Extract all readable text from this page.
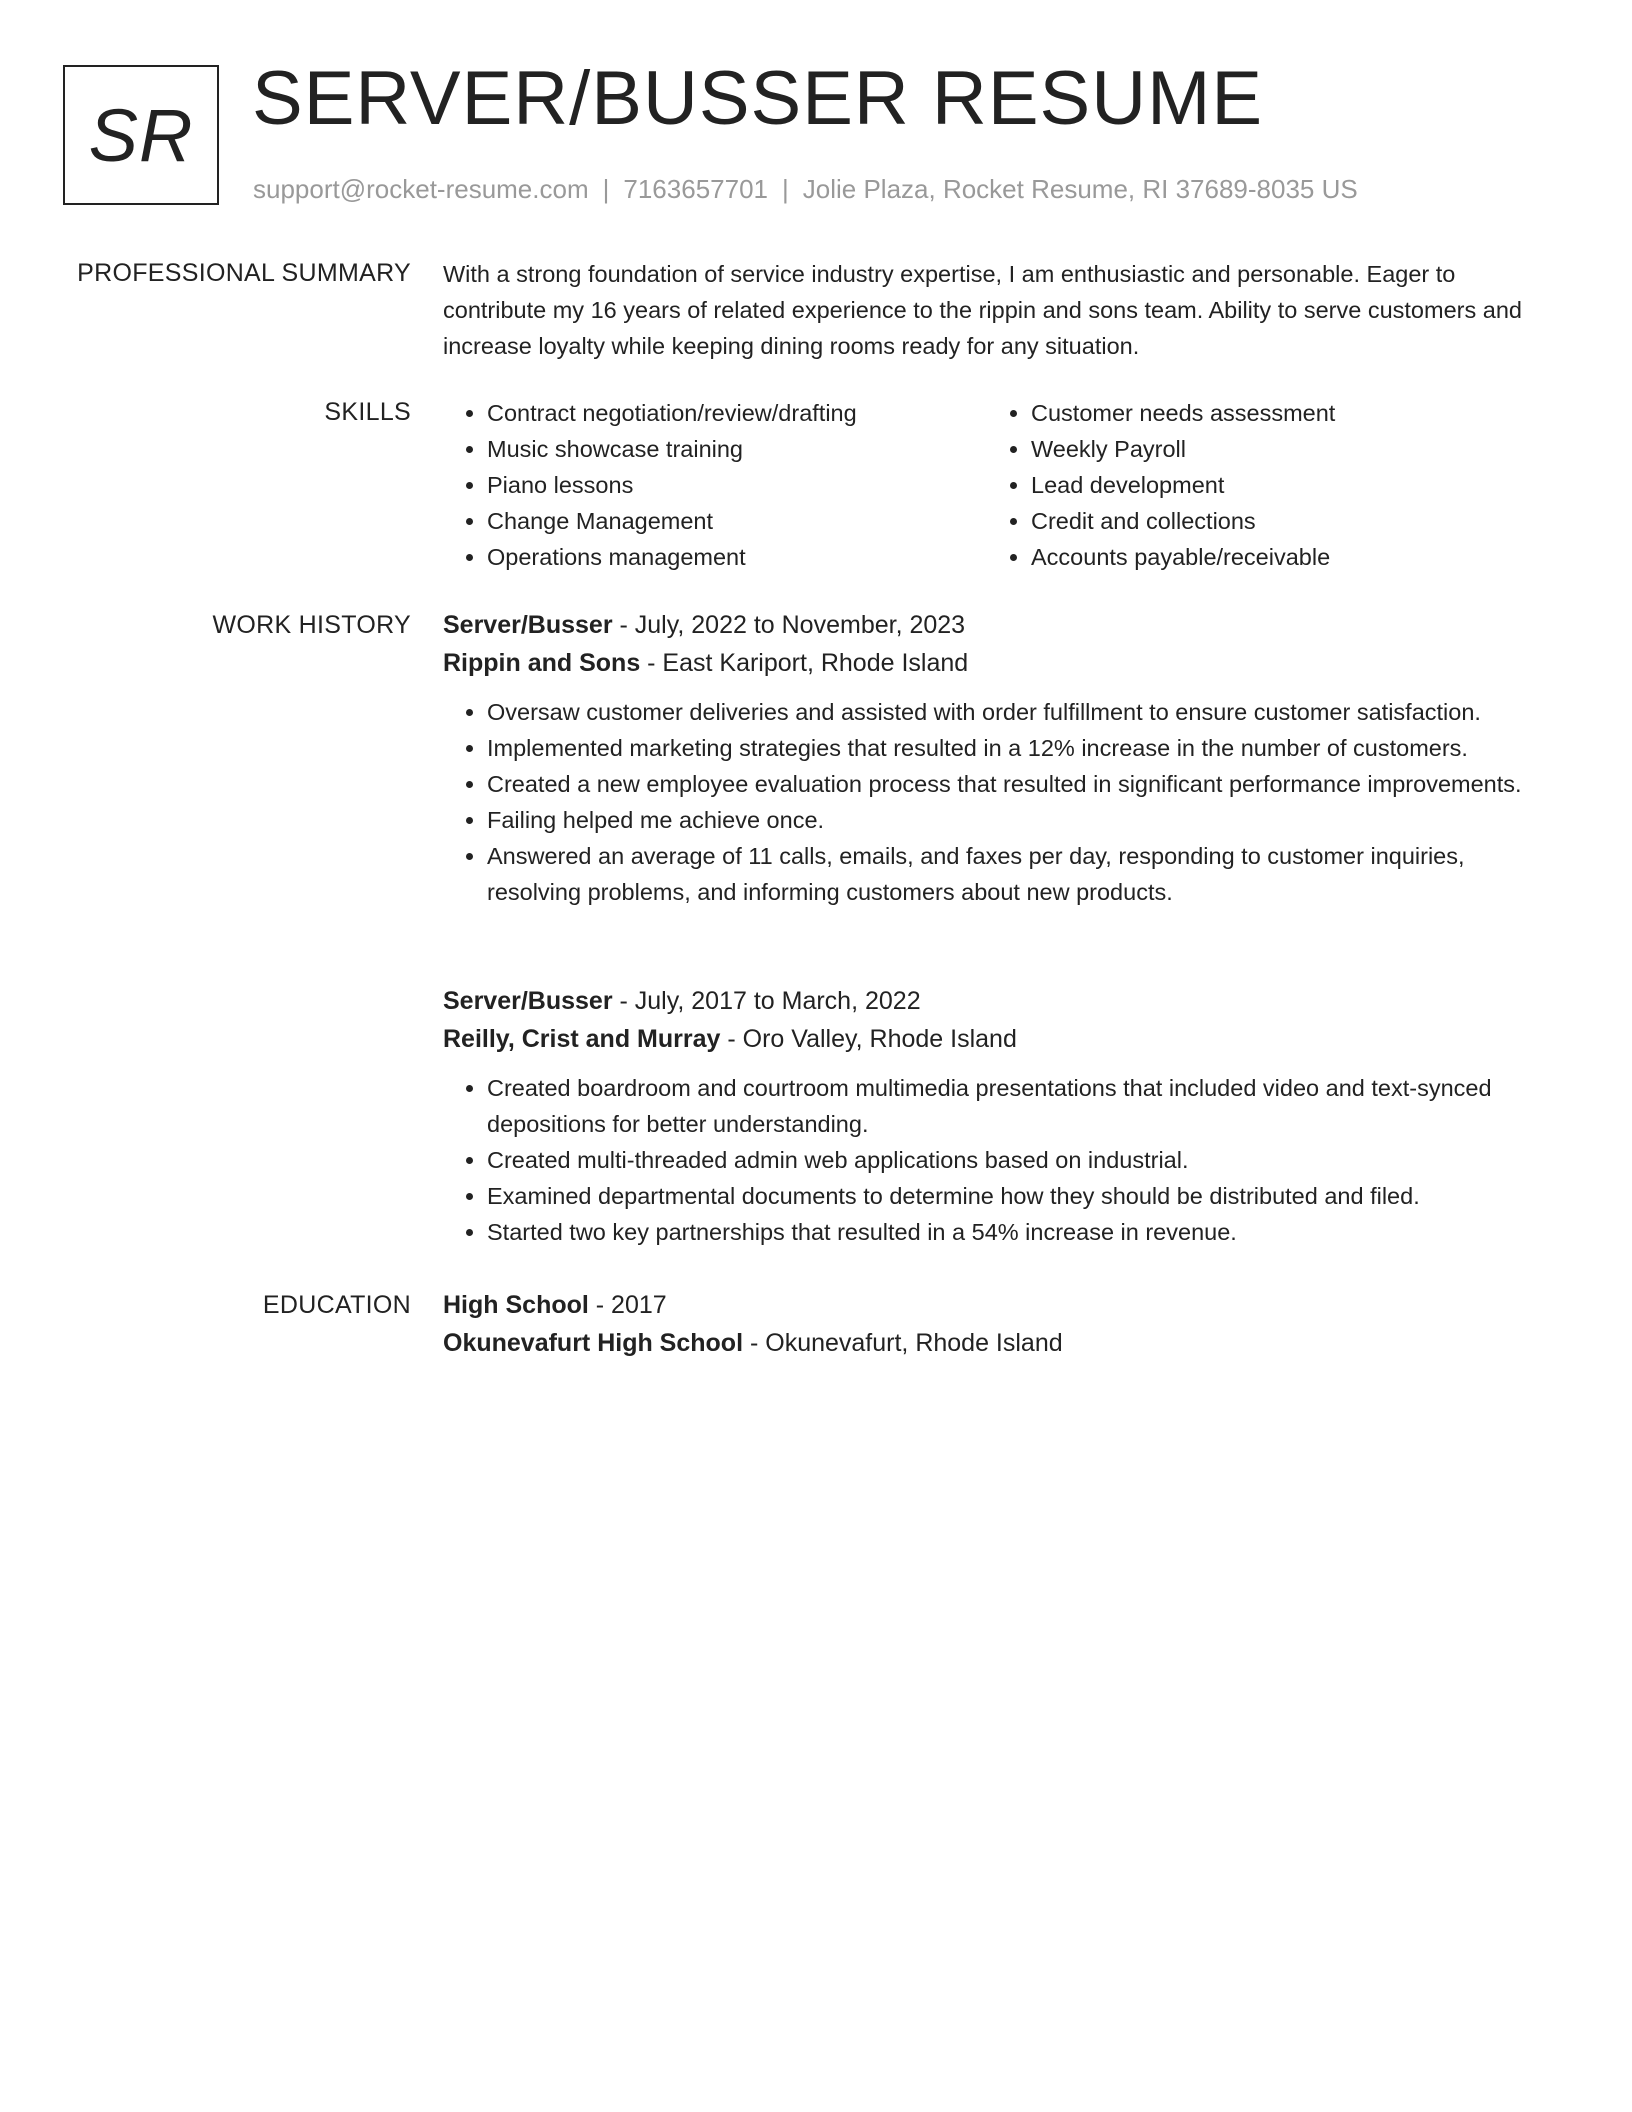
SR SERVER/BUSSER RESUME
support@rocket-resume.com | 7163657701 | Jolie Plaza, Rocket Resume, RI 37689-8035 US
PROFESSIONAL SUMMARY With a strong foundation of service industry expertise, I am enthusiastic and personable. Eager to contribute my 16 years of related experience to the rippin and sons team. Ability to serve customers and increase loyalty while keeping dining rooms ready for any situation.
SKILLS
•	Contract negotiation/review/drafting
• Music showcase training
• Piano lessons
• Change Management
• Operations management
• Customer needs assessment
• Weekly Payroll
• Lead development
• Credit and collections
• Accounts payable/receivable
WORK HISTORY Server/Busser - July, 2022 to November, 2023
Rippin and Sons - East Kariport, Rhode Island
• Oversaw customer deliveries and assisted with order fulfillment to ensure customer satisfaction.
• Implemented marketing strategies that resulted in a 12% increase in the number of customers.
• Created a new employee evaluation process that resulted in significant performance improvements.
• Failing helped me achieve once.
• Answered an average of 11 calls, emails, and faxes per day, responding to customer inquiries, resolving problems, and informing customers about new products.
Server/Busser - July, 2017 to March, 2022
Reilly, Crist and Murray - Oro Valley, Rhode Island
• Created boardroom and courtroom multimedia presentations that included video and text-synced depositions for better understanding.
• Created multi-threaded admin web applications based on industrial.
• Examined departmental documents to determine how they should be distributed and filed.
• Started two key partnerships that resulted in a 54% increase in revenue.
EDUCATION High School - 2017
Okunevafurt High School - Okunevafurt, Rhode Island
